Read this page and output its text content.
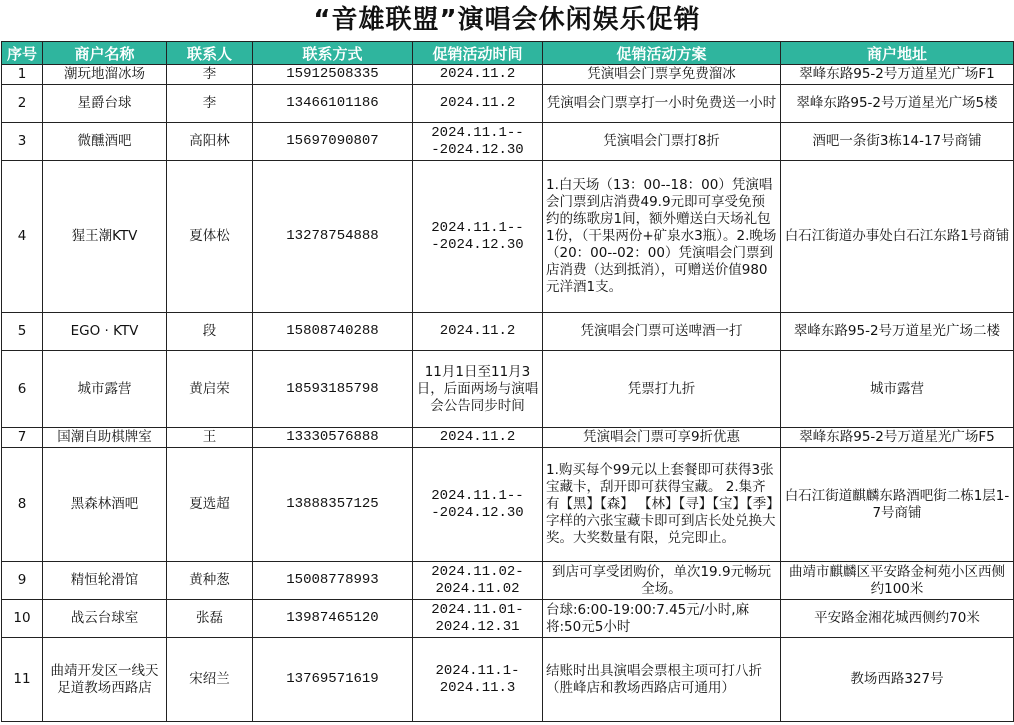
“音雄联盟”演唱会休闲娱乐促销
序号	商户名称	联系人	联系方式	促销活动时间	促销活动方案	商户地址
1	潮玩地溜冰场	李	15912508335	2024.11.2	凭演唱会门票享免费溜冰	翠峰东路95-2号万道星光广场F1
2	星爵台球	李	13466101186	2024.11.2	凭演唱会门票享打一小时免费送一小时	翠峰东路95-2号万道星光广场5楼
3	微醺酒吧	高阳林	15697090807	2024.11.1---2024.12.30	凭演唱会门票打8折	酒吧一条街3栋14-17号商铺
4	猩王潮KTV	夏体松	13278754888	2024.11.1---2024.12.30	1.白天场（13：00--18：00）凭演唱会门票到店消费49.9元即可享受免预约的练歌房1间，额外赠送白天场礼包1份，（干果两份+矿泉水3瓶）。2.晚场（20：00--02：00）凭演唱会门票到店消费（达到抵消），可赠送价值980元洋酒1支。	白石江街道办事处白石江东路1号商铺
5	EGO · KTV	段	15808740288	2024.11.2	凭演唱会门票可送啤酒一打	翠峰东路95-2号万道星光广场二楼
6	城市露营	黄启荣	18593185798	11月1日至11月3日，后面两场与演唱会公告同步时间	凭票打九折	城市露营
7	国潮自助棋牌室	王	13330576888	2024.11.2	凭演唱会门票可享9折优惠	翠峰东路95-2号万道星光广场F5
8	黑森林酒吧	夏选超	13888357125	2024.11.1---2024.12.30	1.购买每个99元以上套餐即可获得3张宝藏卡，刮开即可获得宝藏。 2.集齐有【黑】【森】 【林】【寻】【宝】【季】字样的六张宝藏卡即可到店长处兑换大奖。大奖数量有限，兑完即止。	白石江街道麒麟东路酒吧街二栋1层1-7号商铺
9	精恒轮滑馆	黄种葱	15008778993	2024.11.02-2024.11.02	到店可享受团购价，单次19.9元畅玩全场。	曲靖市麒麟区平安路金柯苑小区西侧约100米
10	战云台球室	张磊	13987465120	2024.11.01-2024.12.31	台球:6:00-19:00:7.45元/小时,麻将:50元5小时	平安路金湘花城西侧约70米
11	曲靖开发区一线天足道教场西路店	宋绍兰	13769571619	2024.11.1-2024.11.3	结账时出具演唱会票根主项可打八折（胜峰店和教场西路店可通用）	教场西路327号
